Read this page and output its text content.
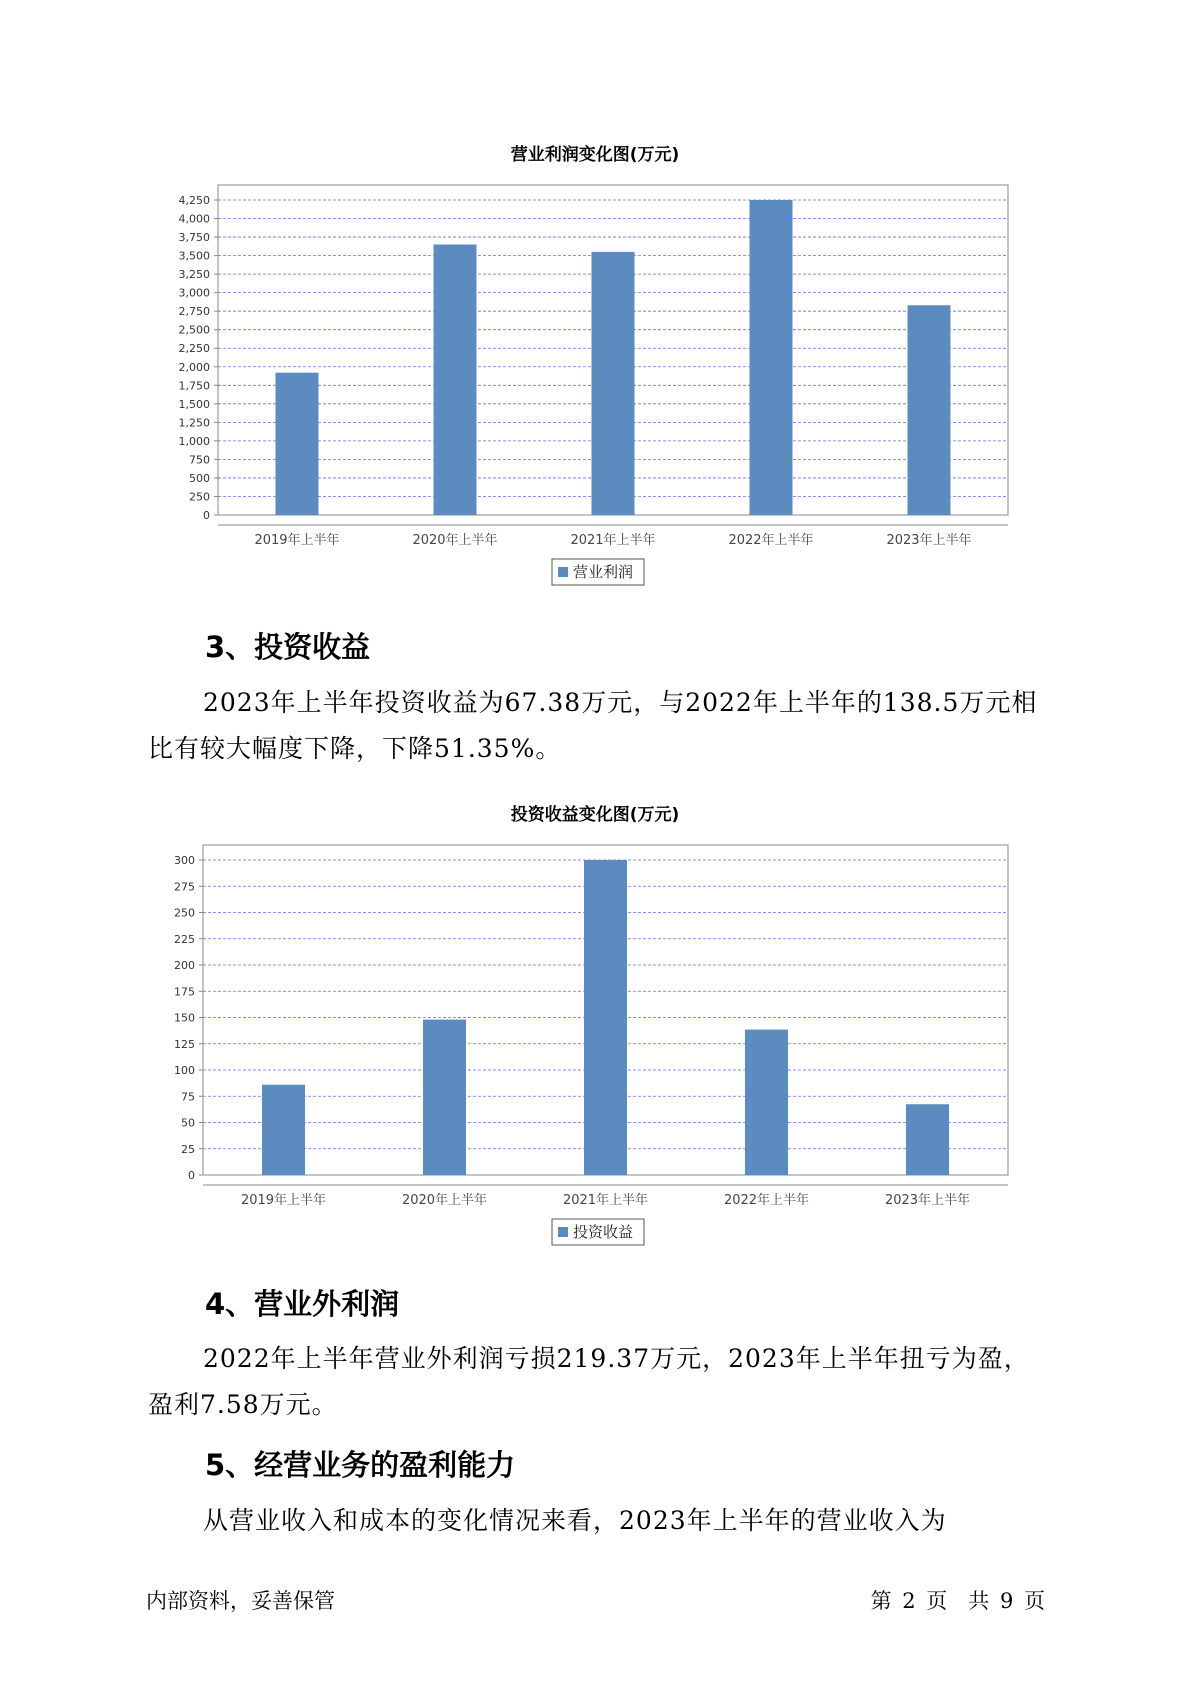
营业利润变化图(万元)
0
250
500
750
1,000
1,250
1,500
1,750
2,000
2,250
2,500
2,750
3,000
3,250
3,500
3,750
4,000
4,250
2019年上半年	2020年上半年	2021年上半年	2022年上半年	2023年上半年
营业利润
3、投资收益

2023年上半年投资收益为67.38万元，与2022年上半年的138.5万元相比有较大幅度下降，下降51.35%。

投资收益变化图(万元)
0
25
50
75
100
125
150
175
200
225
250
275
300
2019年上半年	2020年上半年	2021年上半年	2022年上半年	2023年上半年
投资收益
4、营业外利润

2022年上半年营业外利润亏损219.37万元，2023年上半年扭亏为盈，盈利7.58万元。

5、经营业务的盈利能力

从营业收入和成本的变化情况来看，2023年上半年的营业收入为

内部资料，妥善保管	第 2 页　共 9 页
